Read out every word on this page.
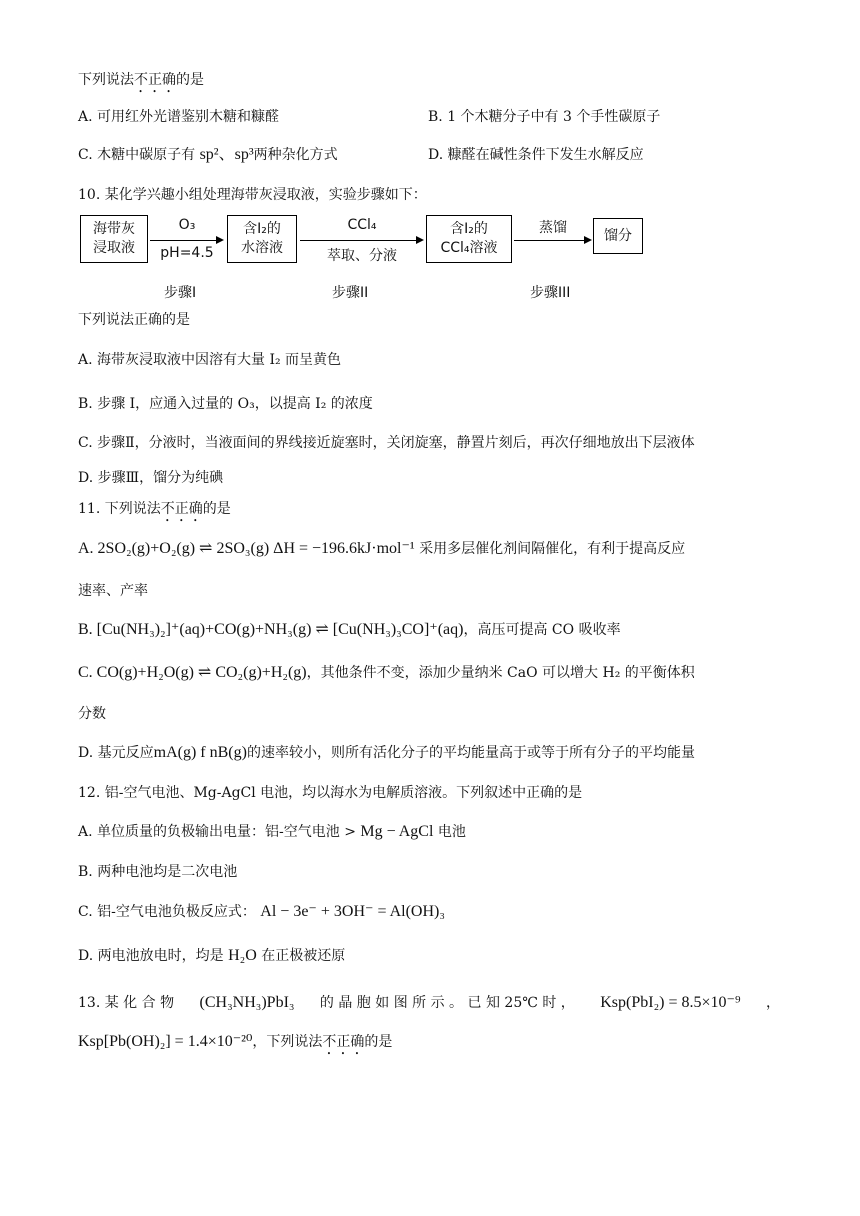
下列说法不正确的是
A. 可用红外光谱鉴别木糖和糠醛	B. 1 个木糖分子中有 3 个手性碳原子
C. 木糖中碳原子有 sp²、sp³两种杂化方式	D. 糠醛在碱性条件下发生水解反应
10. 某化学兴趣小组处理海带灰浸取液，实验步骤如下：
海带灰
浸取液
O₃
pH=4.5
含I₂的
水溶液
CCl₄
萃取、分液
含I₂的
CCl₄溶液
蒸馏	馏分
步骤I	步骤II	步骤III
下列说法正确的是
A. 海带灰浸取液中因溶有大量 I₂ 而呈黄色
B. 步骤 I，应通入过量的 O₃，以提高 I₂ 的浓度
C. 步骤Ⅱ，分液时，当液面间的界线接近旋塞时，关闭旋塞，静置片刻后，再次仔细地放出下层液体
D. 步骤Ⅲ，馏分为纯碘
11. 下列说法不正确的是
A. 2SO₂(g)+O₂(g) ⇌ 2SO₃(g) ΔH = −196.6kJ·mol⁻¹ 采用多层催化剂间隔催化，有利于提高反应
速率、产率
B. [Cu(NH₃)₂]⁺(aq)+CO(g)+NH₃(g) ⇌ [Cu(NH₃)₃CO]⁺(aq)，高压可提高 CO 吸收率
C. CO(g)+H₂O(g) ⇌ CO₂(g)+H₂(g)，其他条件不变，添加少量纳米 CaO 可以增大 H₂ 的平衡体积
分数
D. 基元反应mA(g) f nB(g)的速率较小，则所有活化分子的平均能量高于或等于所有分子的平均能量
12. 铝-空气电池、Mg-AgCl 电池，均以海水为电解质溶液。下列叙述中正确的是
A. 单位质量的负极输出电量：铝-空气电池 > Mg − AgCl 电池
B. 两种电池均是二次电池
C. 铝-空气电池负极反应式： Al − 3e⁻ + 3OH⁻ = Al(OH)₃
D. 两电池放电时，均是 H₂O 在正极被还原
13. 某 化 合 物 (CH₃NH₃)PbI₃ 的 晶 胞 如 图 所 示 。 已 知 25℃ 时 ， Ksp(PbI₂) = 8.5×10⁻⁹ ，
Ksp[Pb(OH)₂] = 1.4×10⁻²⁰，下列说法不正确的是
